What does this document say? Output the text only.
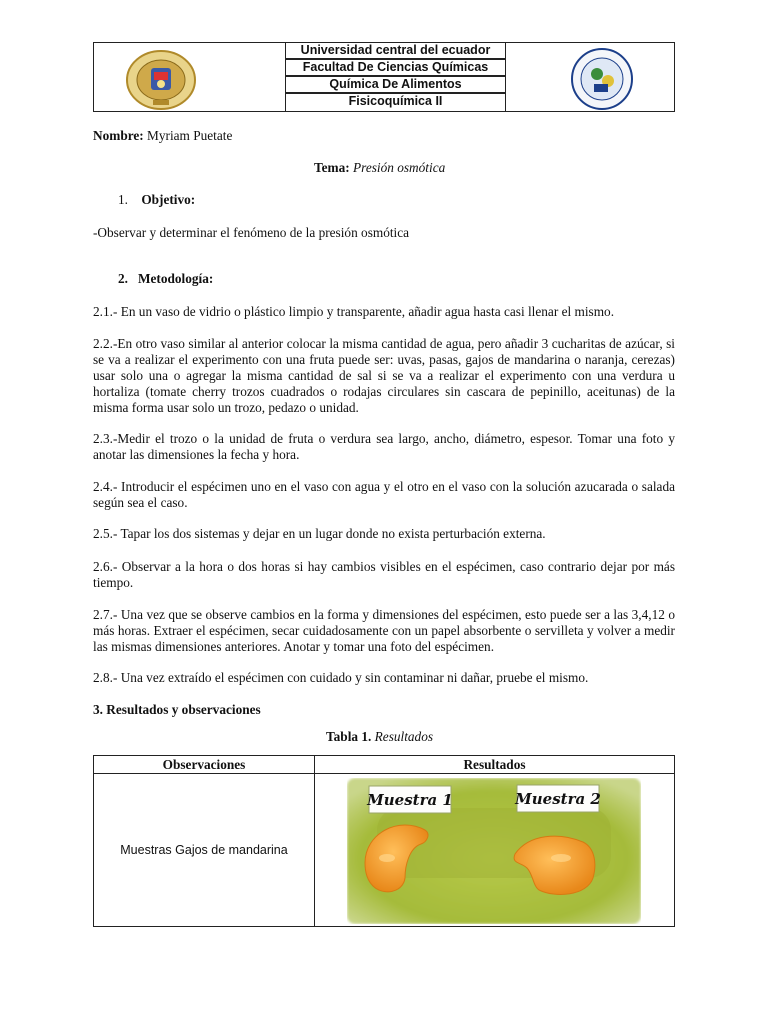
Universidad central del ecuador
Facultad De Ciencias Químicas
Química De Alimentos
Fisicoquímica II
Nombre: Myriam Puetate
Tema: Presión osmótica
1. Objetivo:
-Observar y determinar el fenómeno de la presión osmótica
2.   Metodología:
2.1.- En un vaso de vidrio o plástico limpio y transparente, añadir agua hasta casi llenar el mismo.
2.2.-En otro vaso similar al anterior colocar la misma cantidad de agua, pero añadir 3 cucharitas de azúcar, si se va a realizar el experimento con una fruta puede ser: uvas, pasas, gajos de mandarina o naranja, cerezas) usar solo una o agregar la misma cantidad de sal si se va a realizar el experimento con una verdura u hortaliza (tomate cherry trozos cuadrados o rodajas circulares sin cascara de pepinillo, aceitunas) de la misma forma usar solo un trozo, pedazo o unidad.
2.3.-Medir el trozo o la unidad de fruta o verdura sea largo, ancho, diámetro, espesor. Tomar una foto y anotar las dimensiones la fecha y hora.
2.4.- Introducir el espécimen uno en el vaso con agua y el otro en el vaso con la solución azucarada o salada según sea el caso.
2.5.- Tapar los dos sistemas y dejar en un lugar donde no exista perturbación externa.
2.6.- Observar a la hora o dos horas si hay cambios visibles en el espécimen, caso contrario dejar por más tiempo.
2.7.- Una vez que se observe cambios en la forma y dimensiones del espécimen, esto puede ser a las 3,4,12 o más horas. Extraer el espécimen, secar cuidadosamente con un papel absorbente o servilleta y volver a medir las mismas dimensiones anteriores. Anotar y tomar una foto del espécimen.
2.8.- Una vez extraído el espécimen con cuidado y sin contaminar ni dañar, pruebe el mismo.
3. Resultados y observaciones
Tabla 1. Resultados
Observaciones	Resultados
Muestras Gajos de mandarina
Muestra 1	Muestra 2
